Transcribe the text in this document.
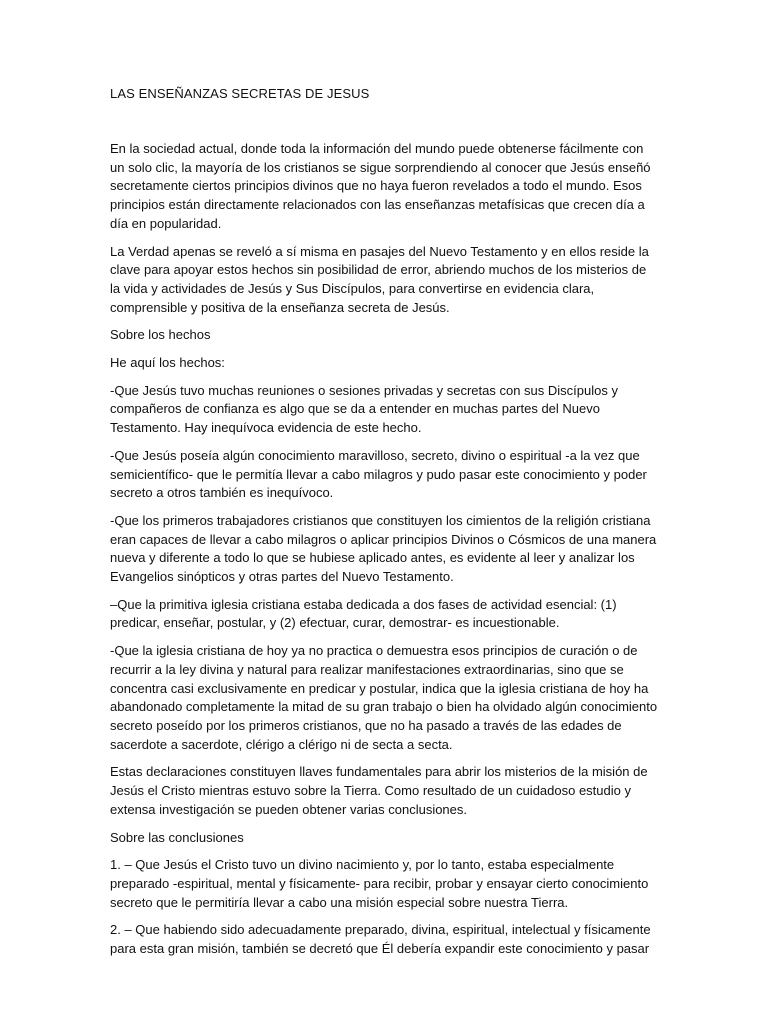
LAS ENSEÑANZAS SECRETAS DE JESUS

En la sociedad actual, donde toda la información del mundo puede obtenerse fácilmente con un solo clic, la mayoría de los cristianos se sigue sorprendiendo al conocer que Jesús enseñó secretamente ciertos principios divinos que no haya fueron revelados a todo el mundo. Esos principios están directamente relacionados con las enseñanzas metafísicas que crecen día a día en popularidad.

La Verdad apenas se reveló a sí misma en pasajes del Nuevo Testamento y en ellos reside la clave para apoyar estos hechos sin posibilidad de error, abriendo muchos de los misterios de la vida y actividades de Jesús y Sus Discípulos, para convertirse en evidencia clara, comprensible y positiva de la enseñanza secreta de Jesús.

Sobre los hechos

He aquí los hechos:

-Que Jesús tuvo muchas reuniones o sesiones privadas y secretas con sus Discípulos y compañeros de confianza es algo que se da a entender en muchas partes del Nuevo Testamento. Hay inequívoca evidencia de este hecho.

-Que Jesús poseía algún conocimiento maravilloso, secreto, divino o espiritual -a la vez que semicientífico- que le permitía llevar a cabo milagros y pudo pasar este conocimiento y poder secreto a otros también es inequívoco.

-Que los primeros trabajadores cristianos que constituyen los cimientos de la religión cristiana eran capaces de llevar a cabo milagros o aplicar principios Divinos o Cósmicos de una manera nueva y diferente a todo lo que se hubiese aplicado antes, es evidente al leer y analizar los Evangelios sinópticos y otras partes del Nuevo Testamento.

–Que la primitiva iglesia cristiana estaba dedicada a dos fases de actividad esencial: (1) predicar, enseñar, postular, y (2) efectuar, curar, demostrar- es incuestionable.

-Que la iglesia cristiana de hoy ya no practica o demuestra esos principios de curación o de recurrir a la ley divina y natural para realizar manifestaciones extraordinarias, sino que se concentra casi exclusivamente en predicar y postular, indica que la iglesia cristiana de hoy ha abandonado completamente la mitad de su gran trabajo o bien ha olvidado algún conocimiento secreto poseído por los primeros cristianos, que no ha pasado a través de las edades de sacerdote a sacerdote, clérigo a clérigo ni de secta a secta.

Estas declaraciones constituyen llaves fundamentales para abrir los misterios de la misión de Jesús el Cristo mientras estuvo sobre la Tierra. Como resultado de un cuidadoso estudio y extensa investigación se pueden obtener varias conclusiones.

Sobre las conclusiones

1. – Que Jesús el Cristo tuvo un divino nacimiento y, por lo tanto, estaba especialmente preparado -espiritual, mental y físicamente- para recibir, probar y ensayar cierto conocimiento secreto que le permitiría llevar a cabo una misión especial sobre nuestra Tierra.

2. – Que habiendo sido adecuadamente preparado, divina, espiritual, intelectual y físicamente para esta gran misión, también se decretó que Él debería expandir este conocimiento y pasar
